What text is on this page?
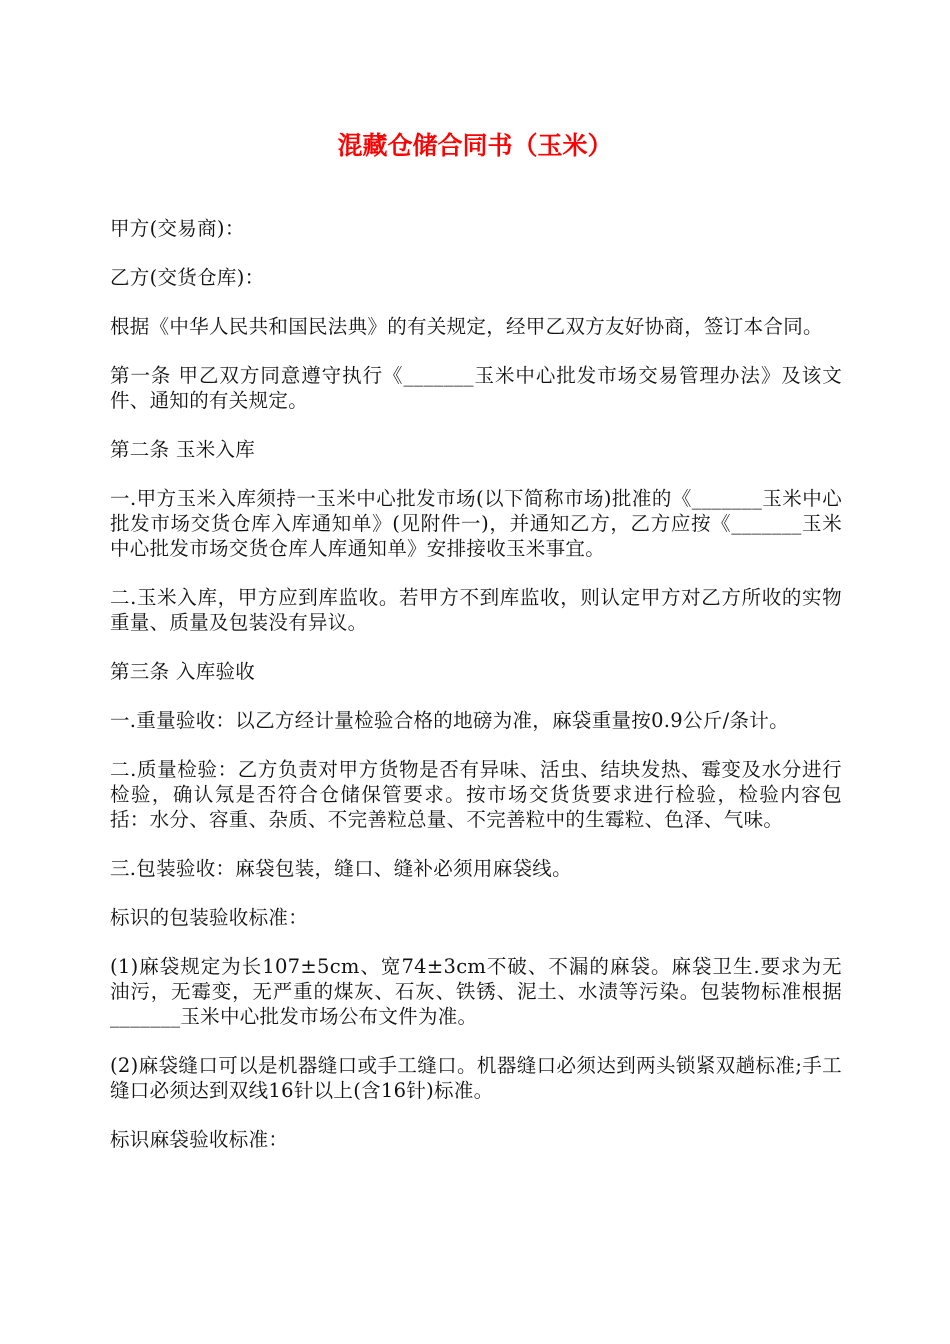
混藏仓储合同书（玉米）

甲方(交易商)：

乙方(交货仓库)：

根据《中华人民共和国民法典》的有关规定，经甲乙双方友好协商，签订本合同。

第一条 甲乙双方同意遵守执行《_______玉米中心批发市场交易管理办法》及该文件、通知的有关规定。

第二条 玉米入库

一.甲方玉米入库须持一玉米中心批发市场(以下简称市场)批准的《_______玉米中心批发市场交货仓库入库通知单》(见附件一)，并通知乙方，乙方应按《_______玉米中心批发市场交货仓库人库通知单》安排接收玉米事宜。

二.玉米入库，甲方应到库监收。若甲方不到库监收，则认定甲方对乙方所收的实物重量、质量及包装没有异议。

第三条 入库验收

一.重量验收：以乙方经计量检验合格的地磅为准，麻袋重量按0.9公斤/条计。

二.质量检验：乙方负责对甲方货物是否有异味、活虫、结块发热、霉变及水分进行检验，确认氖是否符合仓储保管要求。按市场交货货要求进行检验，检验内容包括：水分、容重、杂质、不完善粒总量、不完善粒中的生霉粒、色泽、气味。

三.包装验收：麻袋包装，缝口、缝补必须用麻袋线。

标识的包装验收标准：

(1)麻袋规定为长107±5cm、宽74±3cm不破、不漏的麻袋。麻袋卫生.要求为无油污，无霉变，无严重的煤灰、石灰、铁锈、泥土、水渍等污染。包装物标准根据_______玉米中心批发市场公布文件为准。

(2)麻袋缝口可以是机器缝口或手工缝口。机器缝口必须达到两头锁紧双趟标准;手工缝口必须达到双线16针以上(含16针)标准。

标识麻袋验收标准：
